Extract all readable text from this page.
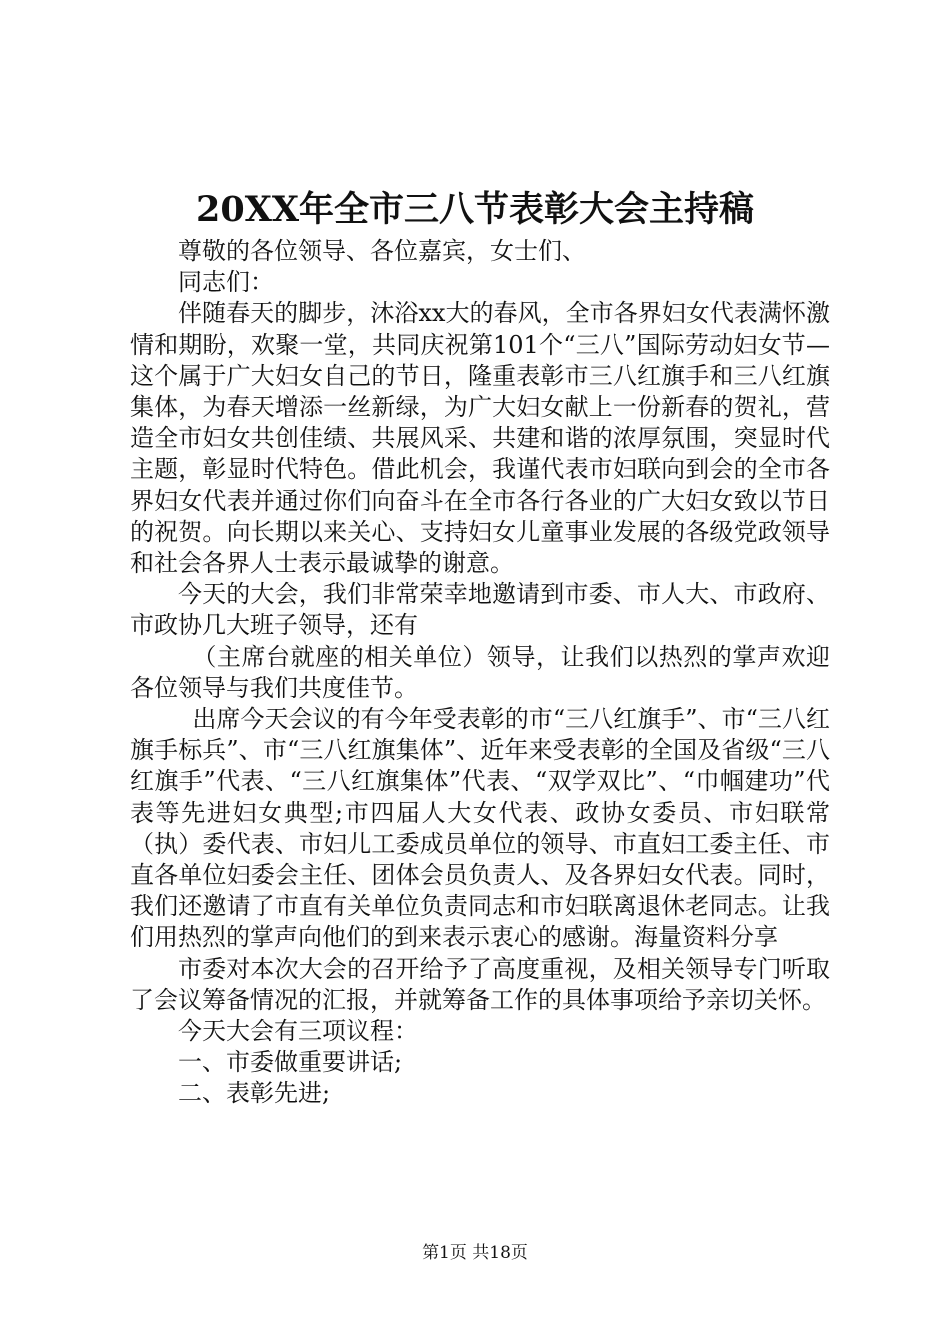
20XX年全市三八节表彰大会主持稿

尊敬的各位领导、各位嘉宾，女士们、

同志们：

伴随春天的脚步，沐浴xx大的春风，全市各界妇女代表满怀激情和期盼，欢聚一堂，共同庆祝第101个“三八”国际劳动妇女节—这个属于广大妇女自己的节日，隆重表彰市三八红旗手和三八红旗集体，为春天增添一丝新绿，为广大妇女献上一份新春的贺礼，营造全市妇女共创佳绩、共展风采、共建和谐的浓厚氛围，突显时代主题，彰显时代特色。借此机会，我谨代表市妇联向到会的全市各界妇女代表并通过你们向奋斗在全市各行各业的广大妇女致以节日的祝贺。向长期以来关心、支持妇女儿童事业发展的各级党政领导和社会各界人士表示最诚挚的谢意。

今天的大会，我们非常荣幸地邀请到市委、市人大、市政府、市政协几大班子领导，还有

（主席台就座的相关单位）领导，让我们以热烈的掌声欢迎各位领导与我们共度佳节。

出席今天会议的有今年受表彰的市“三八红旗手”、市“三八红旗手标兵”、市“三八红旗集体”、近年来受表彰的全国及省级“三八红旗手”代表、“三八红旗集体”代表、“双学双比”、“巾帼建功”代表等先进妇女典型;市四届人大女代表、政协女委员、市妇联常（执）委代表、市妇儿工委成员单位的领导、市直妇工委主任、市直各单位妇委会主任、团体会员负责人、及各界妇女代表。同时，我们还邀请了市直有关单位负责同志和市妇联离退休老同志。让我们用热烈的掌声向他们的到来表示衷心的感谢。海量资料分享

市委对本次大会的召开给予了高度重视，及相关领导专门听取了会议筹备情况的汇报，并就筹备工作的具体事项给予亲切关怀。

今天大会有三项议程：

一、市委做重要讲话;

二、表彰先进;

第1页 共18页
